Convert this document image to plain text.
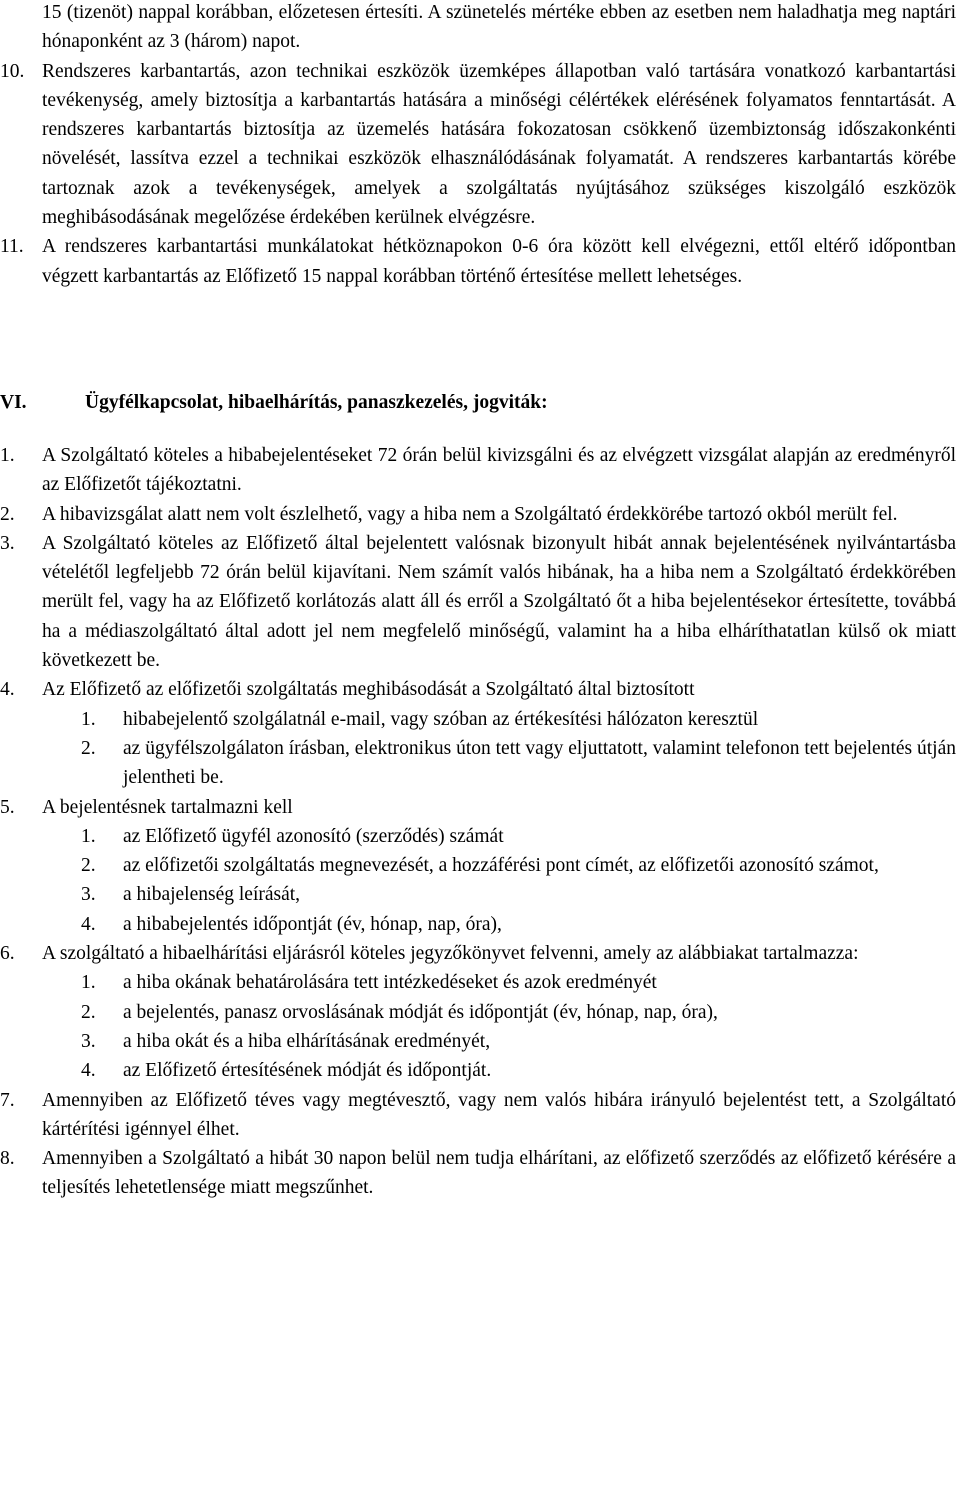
15 (tizenöt) nappal korábban, előzetesen értesíti. A szünetelés mértéke ebben az esetben nem haladhatja meg naptári hónaponként az 3 (három) napot.
10. Rendszeres karbantartás, azon technikai eszközök üzemképes állapotban való tartására vonatkozó karbantartási tevékenység, amely biztosítja a karbantartás hatására a minőségi célértékek elérésének folyamatos fenntartását. A rendszeres karbantartás biztosítja az üzemelés hatására fokozatosan csökkenő üzembiztonság időszakonkénti növelését, lassítva ezzel a technikai eszközök elhasználódásának folyamatát. A rendszeres karbantartás körébe tartoznak azok a tevékenységek, amelyek a szolgáltatás nyújtásához szükséges kiszolgáló eszközök meghibásodásának megelőzése érdekében kerülnek elvégzésre.
11. A rendszeres karbantartási munkálatokat hétköznapokon 0-6 óra között kell elvégezni, ettől eltérő időpontban végzett karbantartás az Előfizető 15 nappal korábban történő értesítése mellett lehetséges.
VI.	Ügyfélkapcsolat, hibaelhárítás, panaszkezelés, jogviták:
1. A Szolgáltató köteles a hibabejelentéseket 72 órán belül kivizsgálni és az elvégzett vizsgálat alapján az eredményről az Előfizetőt tájékoztatni.
2. A hibavizsgálat alatt nem volt észlelhető, vagy a hiba nem a Szolgáltató érdekkörébe tartozó okból merült fel.
3. A Szolgáltató köteles az Előfizető által bejelentett valósnak bizonyult hibát annak bejelentésének nyilvántartásba vételétől legfeljebb 72 órán belül kijavítani. Nem számít valós hibának, ha a hiba nem a Szolgáltató érdekkörében merült fel, vagy ha az Előfizető korlátozás alatt áll és erről a Szolgáltató őt a hiba bejelentésekor értesítette, továbbá ha a médiaszolgáltató által adott jel nem megfelelő minőségű, valamint ha a hiba elháríthatatlan külső ok miatt következett be.
4. Az Előfizető az előfizetői szolgáltatás meghibásodását a Szolgáltató által biztosított
1. hibabejelentő szolgálatnál e-mail, vagy szóban az értékesítési hálózaton keresztül
2. az ügyfélszolgálaton írásban, elektronikus úton tett vagy eljuttatott, valamint telefonon tett bejelentés útján jelentheti be.
5. A bejelentésnek tartalmazni kell
1. az Előfizető ügyfél azonosító (szerződés) számát
2. az előfizetői szolgáltatás megnevezését, a hozzáférési pont címét, az előfizetői azonosító számot,
3. a hibajelenség leírását,
4. a hibabejelentés időpontját (év, hónap, nap, óra),
6. A szolgáltató a hibaelhárítási eljárásról köteles jegyzőkönyvet felvenni, amely az alábbiakat tartalmazza:
1. a hiba okának behatárolására tett intézkedéseket és azok eredményét
2. a bejelentés, panasz orvoslásának módját és időpontját (év, hónap, nap, óra),
3. a hiba okát és a hiba elhárításának eredményét,
4. az Előfizető értesítésének módját és időpontját.
7. Amennyiben az Előfizető téves vagy megtévesztő, vagy nem valós hibára irányuló bejelentést tett, a Szolgáltató kártérítési igénnyel élhet.
8. Amennyiben a Szolgáltató a hibát 30 napon belül nem tudja elhárítani, az előfizető szerződés az előfizető kérésére a teljesítés lehetetlensége miatt megszűnhet.
